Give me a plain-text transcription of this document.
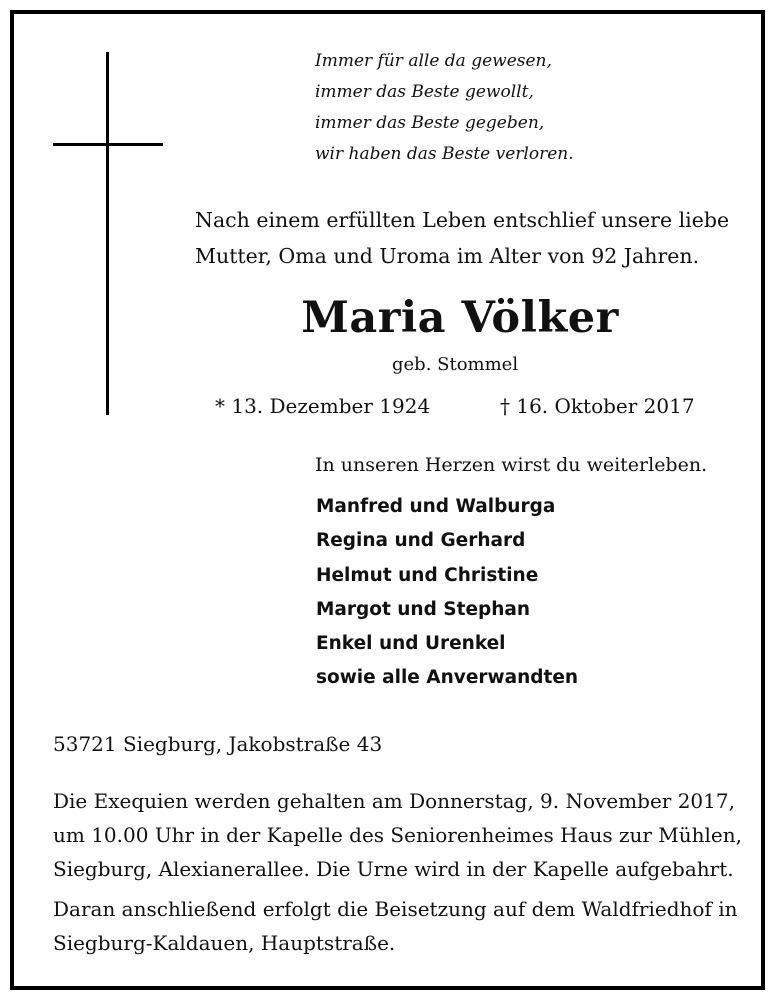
Immer für alle da gewesen,
immer das Beste gewollt,
immer das Beste gegeben,
wir haben das Beste verloren.
Nach einem erfüllten Leben entschlief unsere liebe
Mutter, Oma und Uroma im Alter von 92 Jahren.
Maria Völker
geb. Stommel
* 13. Dezember 1924	† 16. Oktober 2017
In unseren Herzen wirst du weiterleben.
Manfred und Walburga
Regina und Gerhard
Helmut und Christine
Margot und Stephan
Enkel und Urenkel
sowie alle Anverwandten
53721 Siegburg, Jakobstraße 43
Die Exequien werden gehalten am Donnerstag, 9. November 2017,
um 10.00 Uhr in der Kapelle des Seniorenheimes Haus zur Mühlen,
Siegburg, Alexianerallee. Die Urne wird in der Kapelle aufgebahrt.
Daran anschließend erfolgt die Beisetzung auf dem Waldfriedhof in
Siegburg-Kaldauen, Hauptstraße.
